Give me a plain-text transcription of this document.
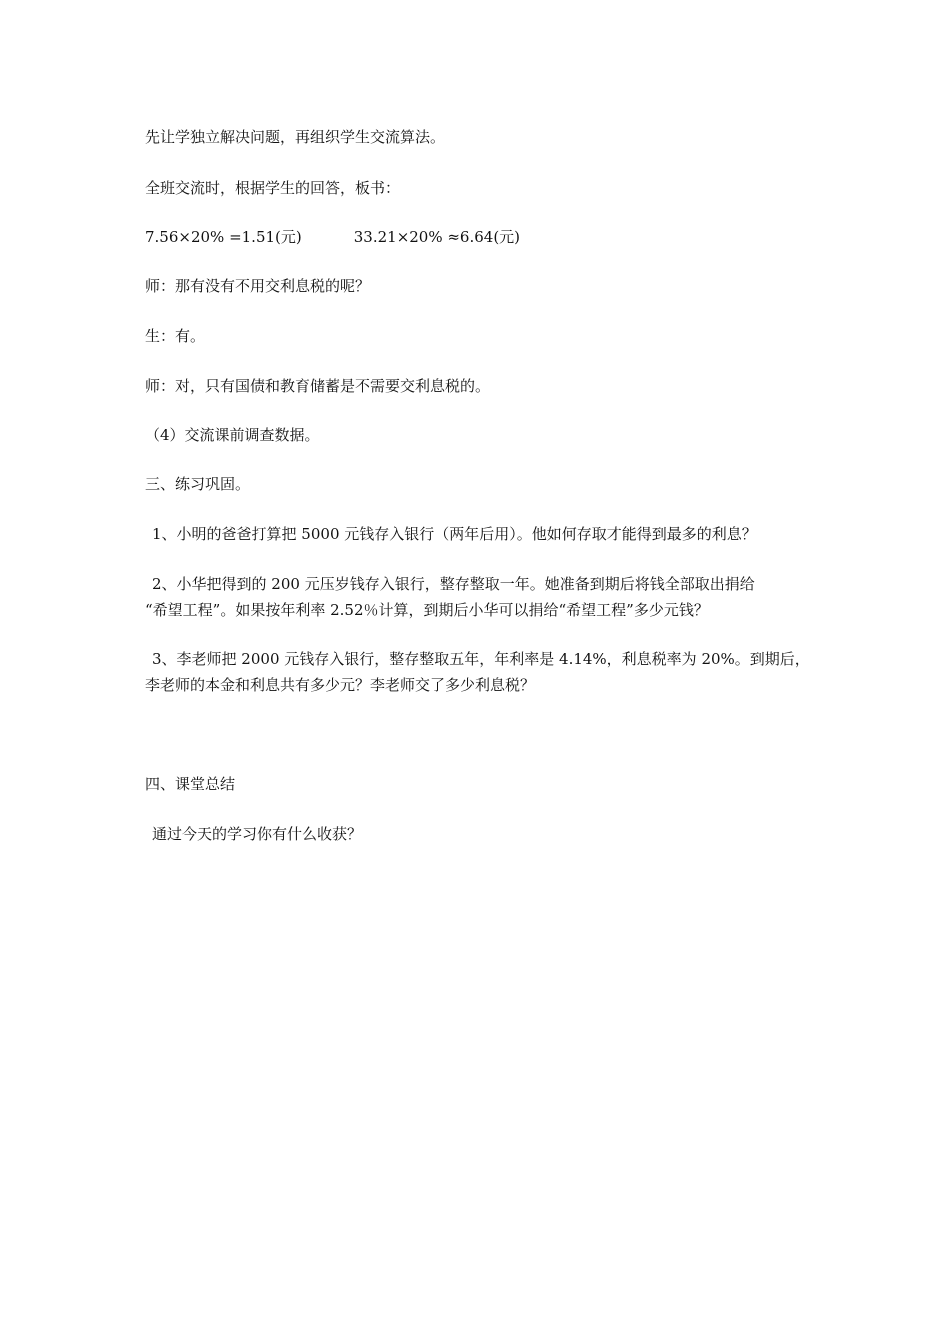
先让学独立解决问题，再组织学生交流算法。
全班交流时，根据学生的回答，板书：
7.56×20% =1.51(元)	33.21×20% ≈6.64(元)
师：那有没有不用交利息税的呢？
生：有。
师：对，只有国债和教育储蓄是不需要交利息税的。
（4）交流课前调查数据。
三、练习巩固。
1、小明的爸爸打算把 5000 元钱存入银行（两年后用）。他如何存取才能得到最多的利息？
2、小华把得到的 200 元压岁钱存入银行，整存整取一年。她准备到期后将钱全部取出捐给
“希望工程”。如果按年利率 2.52％计算，到期后小华可以捐给“希望工程”多少元钱？
3、李老师把 2000 元钱存入银行，整存整取五年，年利率是 4.14%，利息税率为 20%。到期后，
李老师的本金和利息共有多少元？李老师交了多少利息税？
四、课堂总结
通过今天的学习你有什么收获？
